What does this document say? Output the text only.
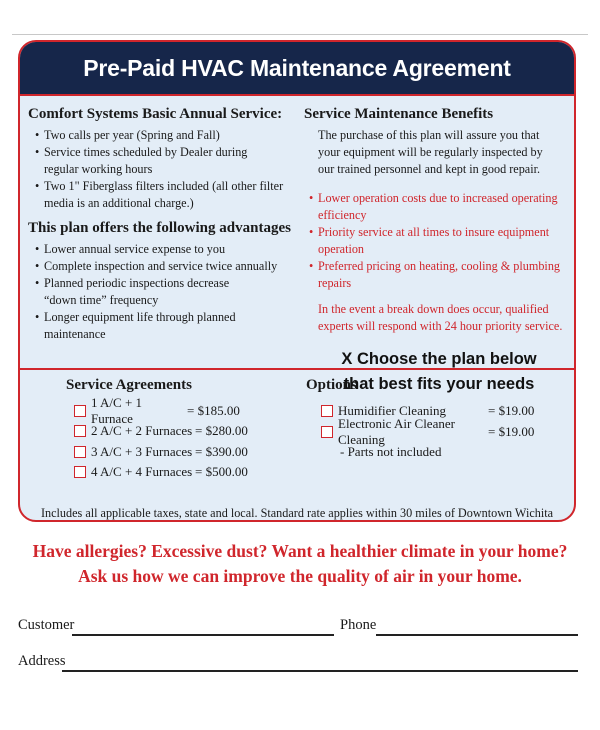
Pre-Paid HVAC Maintenance Agreement
Comfort Systems Basic Annual Service:
• Two calls per year (Spring and Fall)
• Service times scheduled by Dealer during regular working hours
• Two 1" Fiberglass filters included (all other filter media is an additional charge.)
This plan offers the following advantages
• Lower annual service expense to you
• Complete inspection and service twice annually
• Planned periodic inspections decrease “down time” frequency
• Longer equipment life through planned maintenance
Service Maintenance Benefits
The purchase of this plan will assure you that your equipment will be regularly inspected by our trained personnel and kept in good repair.
• Lower operation costs due to increased operating efficiency
• Priority service at all times to insure equipment operation
• Preferred pricing on heating, cooling & plumbing repairs
In the event a break down does occur, qualified experts will respond with 24 hour priority service.
X Choose the plan below
that best fits your needs
Service Agreements
1 A/C + 1 Furnace
= $185.00
2 A/C + 2 Furnaces = $280.00
3 A/C + 3 Furnaces = $390.00
4 A/C + 4 Furnaces = $500.00
Options
Humidifier Cleaning	= $19.00
Electronic Air Cleaner Cleaning
= $19.00
- Parts not included
Includes all applicable taxes, state and local. Standard rate applies within 30 miles of Downtown Wichita
Have allergies? Excessive dust? Want a healthier climate in your home?
Ask us how we can improve the quality of air in your home.
Customer	Phone
Address
